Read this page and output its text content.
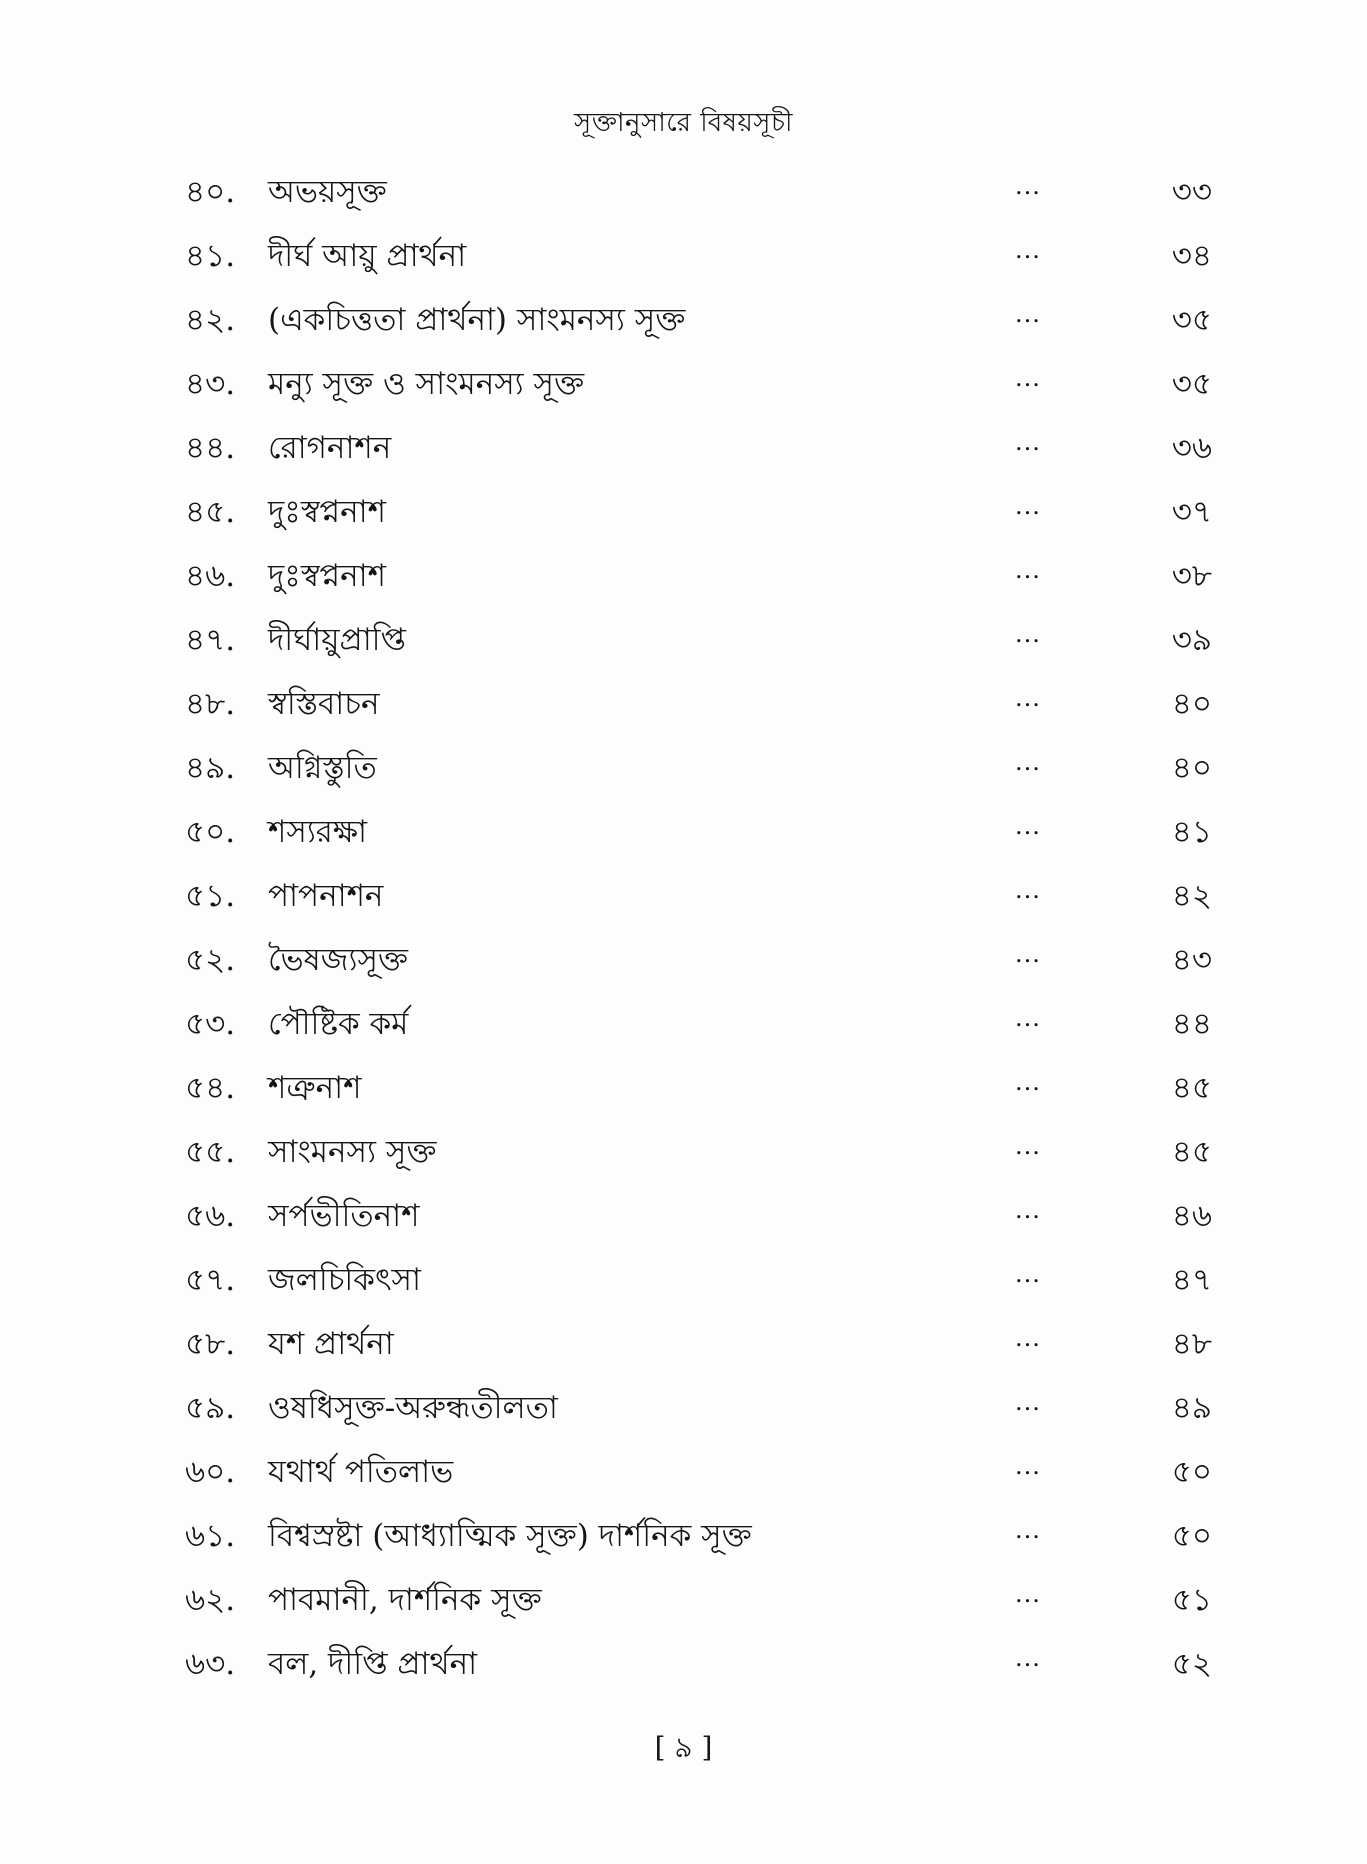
সূক্তানুসারে বিষয়সূচী
৪০.	অভয়সূক্ত	...	৩৩
৪১.	দীর্ঘ আয়ু প্রার্থনা	...	৩৪
৪২.	(একচিত্ততা প্রার্থনা) সাংমনস্য সূক্ত	...	৩৫
৪৩.	মন্যু সূক্ত ও সাংমনস্য সূক্ত	...	৩৫
৪৪.	রোগনাশন	...	৩৬
৪৫.	দুঃস্বপ্ননাশ	...	৩৭
৪৬.	দুঃস্বপ্ননাশ	...	৩৮
৪৭.	দীর্ঘায়ুপ্রাপ্তি	...	৩৯
৪৮.	স্বস্তিবাচন	...	৪০
৪৯.	অগ্নিস্তুতি	...	৪০
৫০.	শস্যরক্ষা	...	৪১
৫১.	পাপনাশন	...	৪২
৫২.	ভৈষজ্যসূক্ত	...	৪৩
৫৩.	পৌষ্টিক কর্ম	...	৪৪
৫৪.	শত্রুনাশ	...	৪৫
৫৫.	সাংমনস্য সূক্ত	...	৪৫
৫৬.	সর্পভীতিনাশ	...	৪৬
৫৭.	জলচিকিৎসা	...	৪৭
৫৮.	যশ প্রার্থনা	...	৪৮
৫৯.	ওষধিসূক্ত-অরুন্ধতীলতা	...	৪৯
৬০.	যথার্থ পতিলাভ	...	৫০
৬১.	বিশ্বস্রষ্টা (আধ্যাত্মিক সূক্ত) দার্শনিক সূক্ত	...	৫০
৬২.	পাবমানী, দার্শনিক সূক্ত	...	৫১
৬৩.	বল, দীপ্তি প্রার্থনা	...	৫২
[ ৯ ]
